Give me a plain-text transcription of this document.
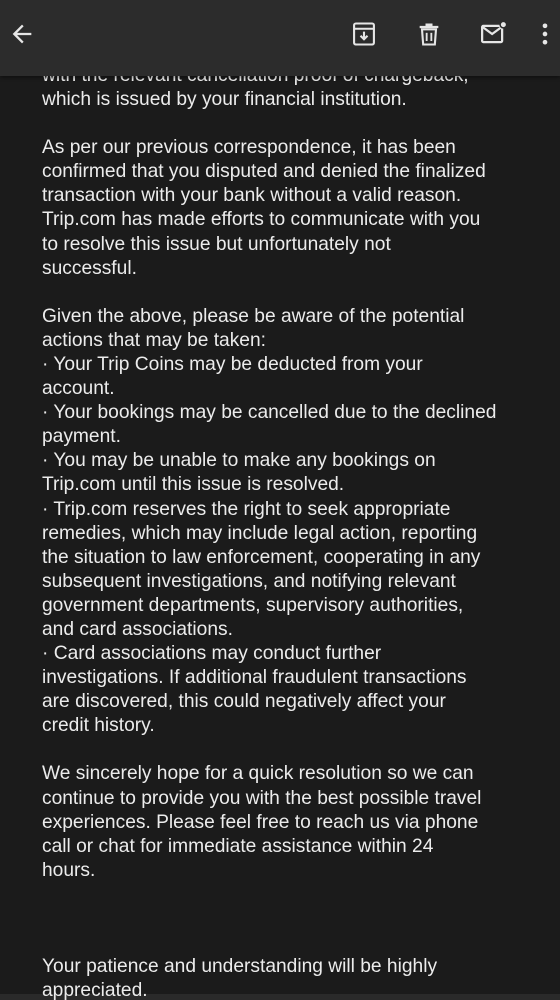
which is issued by your financial institution.
As per our previous correspondence, it has been
confirmed that you disputed and denied the finalized
transaction with your bank without a valid reason.
Trip.com has made efforts to communicate with you
to resolve this issue but unfortunately not
successful.
Given the above, please be aware of the potential
actions that may be taken:
· Your Trip Coins may be deducted from your
account.
· Your bookings may be cancelled due to the declined
payment.
· You may be unable to make any bookings on
Trip.com until this issue is resolved.
· Trip.com reserves the right to seek appropriate
remedies, which may include legal action, reporting
the situation to law enforcement, cooperating in any
subsequent investigations, and notifying relevant
government departments, supervisory authorities,
and card associations.
· Card associations may conduct further
investigations. If additional fraudulent transactions
are discovered, this could negatively affect your
credit history.
We sincerely hope for a quick resolution so we can
continue to provide you with the best possible travel
experiences. Please feel free to reach us via phone
call or chat for immediate assistance within 24
hours.
Your patience and understanding will be highly
appreciated.
